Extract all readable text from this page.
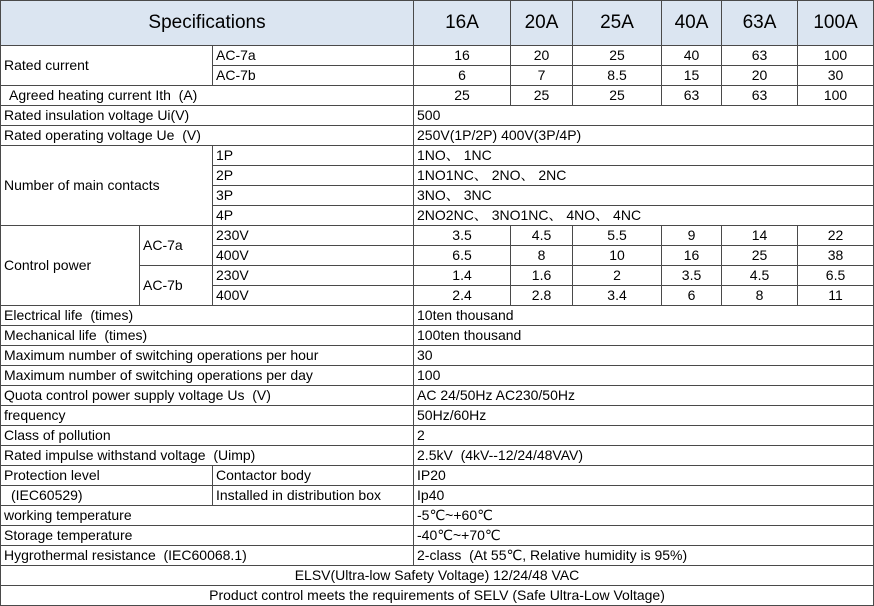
Specifications			16A	20A	25A	40A	63A	100A
Rated current		AC-7a	16	20	25	40	63	100
		AC-7b	6	7	8.5	15	20	30
Agreed heating current Ith  (A)			25	25	25	63	63	100
Rated insulation voltage Ui(V)			500					
Rated operating voltage Ue  (V)			250V(1P/2P) 400V(3P/4P)					
Number of main contacts		1P	1NO、 1NC					
		2P	1NO1NC、 2NO、 2NC					
		3P	3NO、 3NC					
		4P	2NO2NC、 3NO1NC、 4NO、 4NC					
Control power	AC-7a	230V	3.5	4.5	5.5	9	14	22
		400V	6.5	8	10	16	25	38
	AC-7b	230V	1.4	1.6	2	3.5	4.5	6.5
		400V	2.4	2.8	3.4	6	8	11
Electrical life  (times)			10ten thousand					
Mechanical life  (times)			100ten thousand					
Maximum number of switching operations per hour			30					
Maximum number of switching operations per day			100					
Quota control power supply voltage Us  (V)			AC 24/50Hz AC230/50Hz					
frequency			50Hz/60Hz					
Class of pollution			2					
Rated impulse withstand voltage  (Uimp)			2.5kV  (4kV--12/24/48VAV)					
Protection level		Contactor body	IP20					
(IEC60529)		Installed in distribution box	Ip40					
working temperature			-5℃~+60℃					
Storage temperature			-40℃~+70℃					
Hygrothermal resistance  (IEC60068.1)			2-class  (At 55℃, Relative humidity is 95%)					
ELSV(Ultra-low Safety Voltage) 12/24/48 VAC								
Product control meets the requirements of SELV (Safe Ultra-Low Voltage)								
